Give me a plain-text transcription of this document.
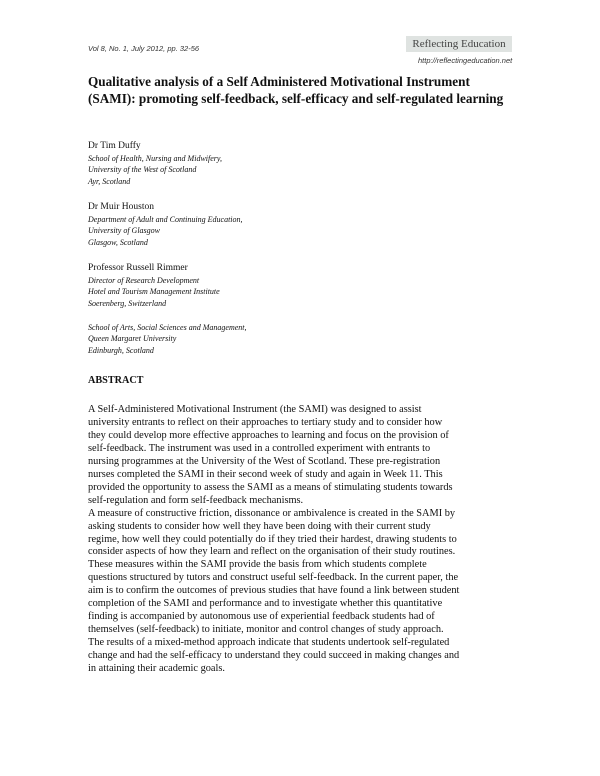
Vol 8, No. 1, July 2012, pp. 32-56	Reflecting Education
http://reflectingeducation.net
Qualitative analysis of a Self Administered Motivational Instrument (SAMI): promoting self-feedback, self-efficacy and self-regulated learning
Dr Tim Duffy
School of Health, Nursing and Midwifery,
University of the West of Scotland
Ayr, Scotland
Dr Muir Houston
Department of Adult and Continuing Education,
University of Glasgow
Glasgow, Scotland
Professor Russell Rimmer
Director of Research Development
Hotel and Tourism Management Institute
Soerenberg, Switzerland
School of Arts, Social Sciences and Management,
Queen Margaret University
Edinburgh, Scotland
ABSTRACT

A Self-Administered Motivational Instrument (the SAMI) was designed to assist
university entrants to reflect on their approaches to tertiary study and to consider how
they could develop more effective approaches to learning and focus on the provision of
self-feedback. The instrument was used in a controlled experiment with entrants to
nursing programmes at the University of the West of Scotland. These pre-registration
nurses completed the SAMI in their second week of study and again in Week 11. This
provided the opportunity to assess the SAMI as a means of stimulating students towards
self-regulation and form self-feedback mechanisms.

A measure of constructive friction, dissonance or ambivalence is created in the SAMI by
asking students to consider how well they have been doing with their current study
regime, how well they could potentially do if they tried their hardest, drawing students to
consider aspects of how they learn and reflect on the organisation of their study routines.
These measures within the SAMI provide the basis from which students complete
questions structured by tutors and construct useful self-feedback. In the current paper, the
aim is to confirm the outcomes of previous studies that have found a link between student
completion of the SAMI and performance and to investigate whether this quantitative
finding is accompanied by autonomous use of experiential feedback students had of
themselves (self-feedback) to initiate, monitor and control changes of study approach.

The results of a mixed-method approach indicate that students undertook self-regulated
change and had the self-efficacy to understand they could succeed in making changes and
in attaining their academic goals.
